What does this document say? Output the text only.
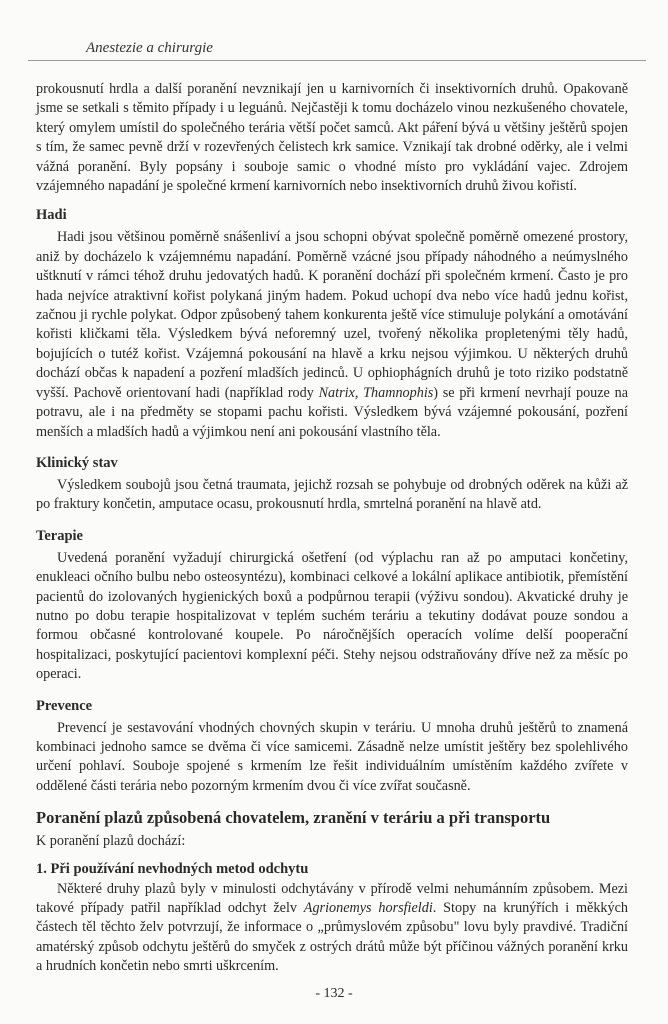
Anestezie a chirurgie

prokousnutí hrdla a další poranění nevznikají jen u karnivorních či insektivorních druhů. Opakovaně jsme se setkali s těmito případy i u leguánů. Nejčastěji k tomu docházelo vinou nezkušeného chovatele, který omylem umístil do společného terária větší počet samců. Akt páření bývá u většiny ještěrů spojen s tím, že samec pevně drží v rozevřených čelistech krk samice. Vznikají tak drobné oděrky, ale i velmi vážná poranění. Byly popsány i souboje samic o vhodné místo pro vykládání vajec. Zdrojem vzájemného napadání je společné krmení karnivorních nebo insektivorních druhů živou kořistí.

Hadi

Hadi jsou většinou poměrně snášenliví a jsou schopni obývat společně poměrně omezené prostory, aniž by docházelo k vzájemnému napadání. Poměrně vzácné jsou případy náhodného a neúmyslného uštknutí v rámci téhož druhu jedovatých hadů. K poranění dochází při společném krmení. Často je pro hada nejvíce atraktivní kořist polykaná jiným hadem. Pokud uchopí dva nebo více hadů jednu kořist, začnou ji rychle polykat. Odpor způsobený tahem konkurenta ještě více stimuluje polykání a omotávání kořisti kličkami těla. Výsledkem bývá neforemný uzel, tvořený několika propletenými těly hadů, bojujících o tutéž kořist. Vzájemná pokousání na hlavě a krku nejsou výjimkou. U některých druhů dochází občas k napadení a pozření mladších jedinců. U ophiophágních druhů je toto riziko podstatně vyšší. Pachově orientovaní hadi (například rody Natrix, Thamnophis) se při krmení nevrhají pouze na potravu, ale i na předměty se stopami pachu kořisti. Výsledkem bývá vzájemné pokousání, pozření menších a mladších hadů a výjimkou není ani pokousání vlastního těla.

Klinický stav

Výsledkem soubojů jsou četná traumata, jejichž rozsah se pohybuje od drobných oděrek na kůži až po fraktury končetin, amputace ocasu, prokousnutí hrdla, smrtelná poranění na hlavě atd.

Terapie

Uvedená poranění vyžadují chirurgická ošetření (od výplachu ran až po amputaci končetiny, enukleaci očního bulbu nebo osteosyntézu), kombinaci celkové a lokální aplikace antibiotik, přemístění pacientů do izolovaných hygienických boxů a podpůrnou terapii (výživu sondou). Akvatické druhy je nutno po dobu terapie hospitalizovat v teplém suchém teráriu a tekutiny dodávat pouze sondou a formou občasné kontrolované koupele. Po náročnějších operacích volíme delší pooperační hospitalizaci, poskytující pacientovi komplexní péči. Stehy nejsou odstraňovány dříve než za měsíc po operaci.

Prevence

Prevencí je sestavování vhodných chovných skupin v teráriu. U mnoha druhů ještěrů to znamená kombinaci jednoho samce se dvěma či více samicemi. Zásadně nelze umístit ještěry bez spolehlivého určení pohlaví. Souboje spojené s krmením lze řešit individuálním umístěním každého zvířete v oddělené části terária nebo pozorným krmením dvou či více zvířat současně.

Poranění plazů způsobená chovatelem, zranění v teráriu a při transportu

K poranění plazů dochází:

1. Při používání nevhodných metod odchytu

Některé druhy plazů byly v minulosti odchytávány v přírodě velmi nehumánním způsobem. Mezi takové případy patřil například odchyt želv Agrionemys horsfieldi. Stopy na krunýřích i měkkých částech těl těchto želv potvrzují, že informace o „průmyslovém způsobu" lovu byly pravdivé. Tradiční amatérský způsob odchytu ještěrů do smyček z ostrých drátů může být příčinou vážných poranění krku a hrudních končetin nebo smrti uškrcením.

- 132 -
